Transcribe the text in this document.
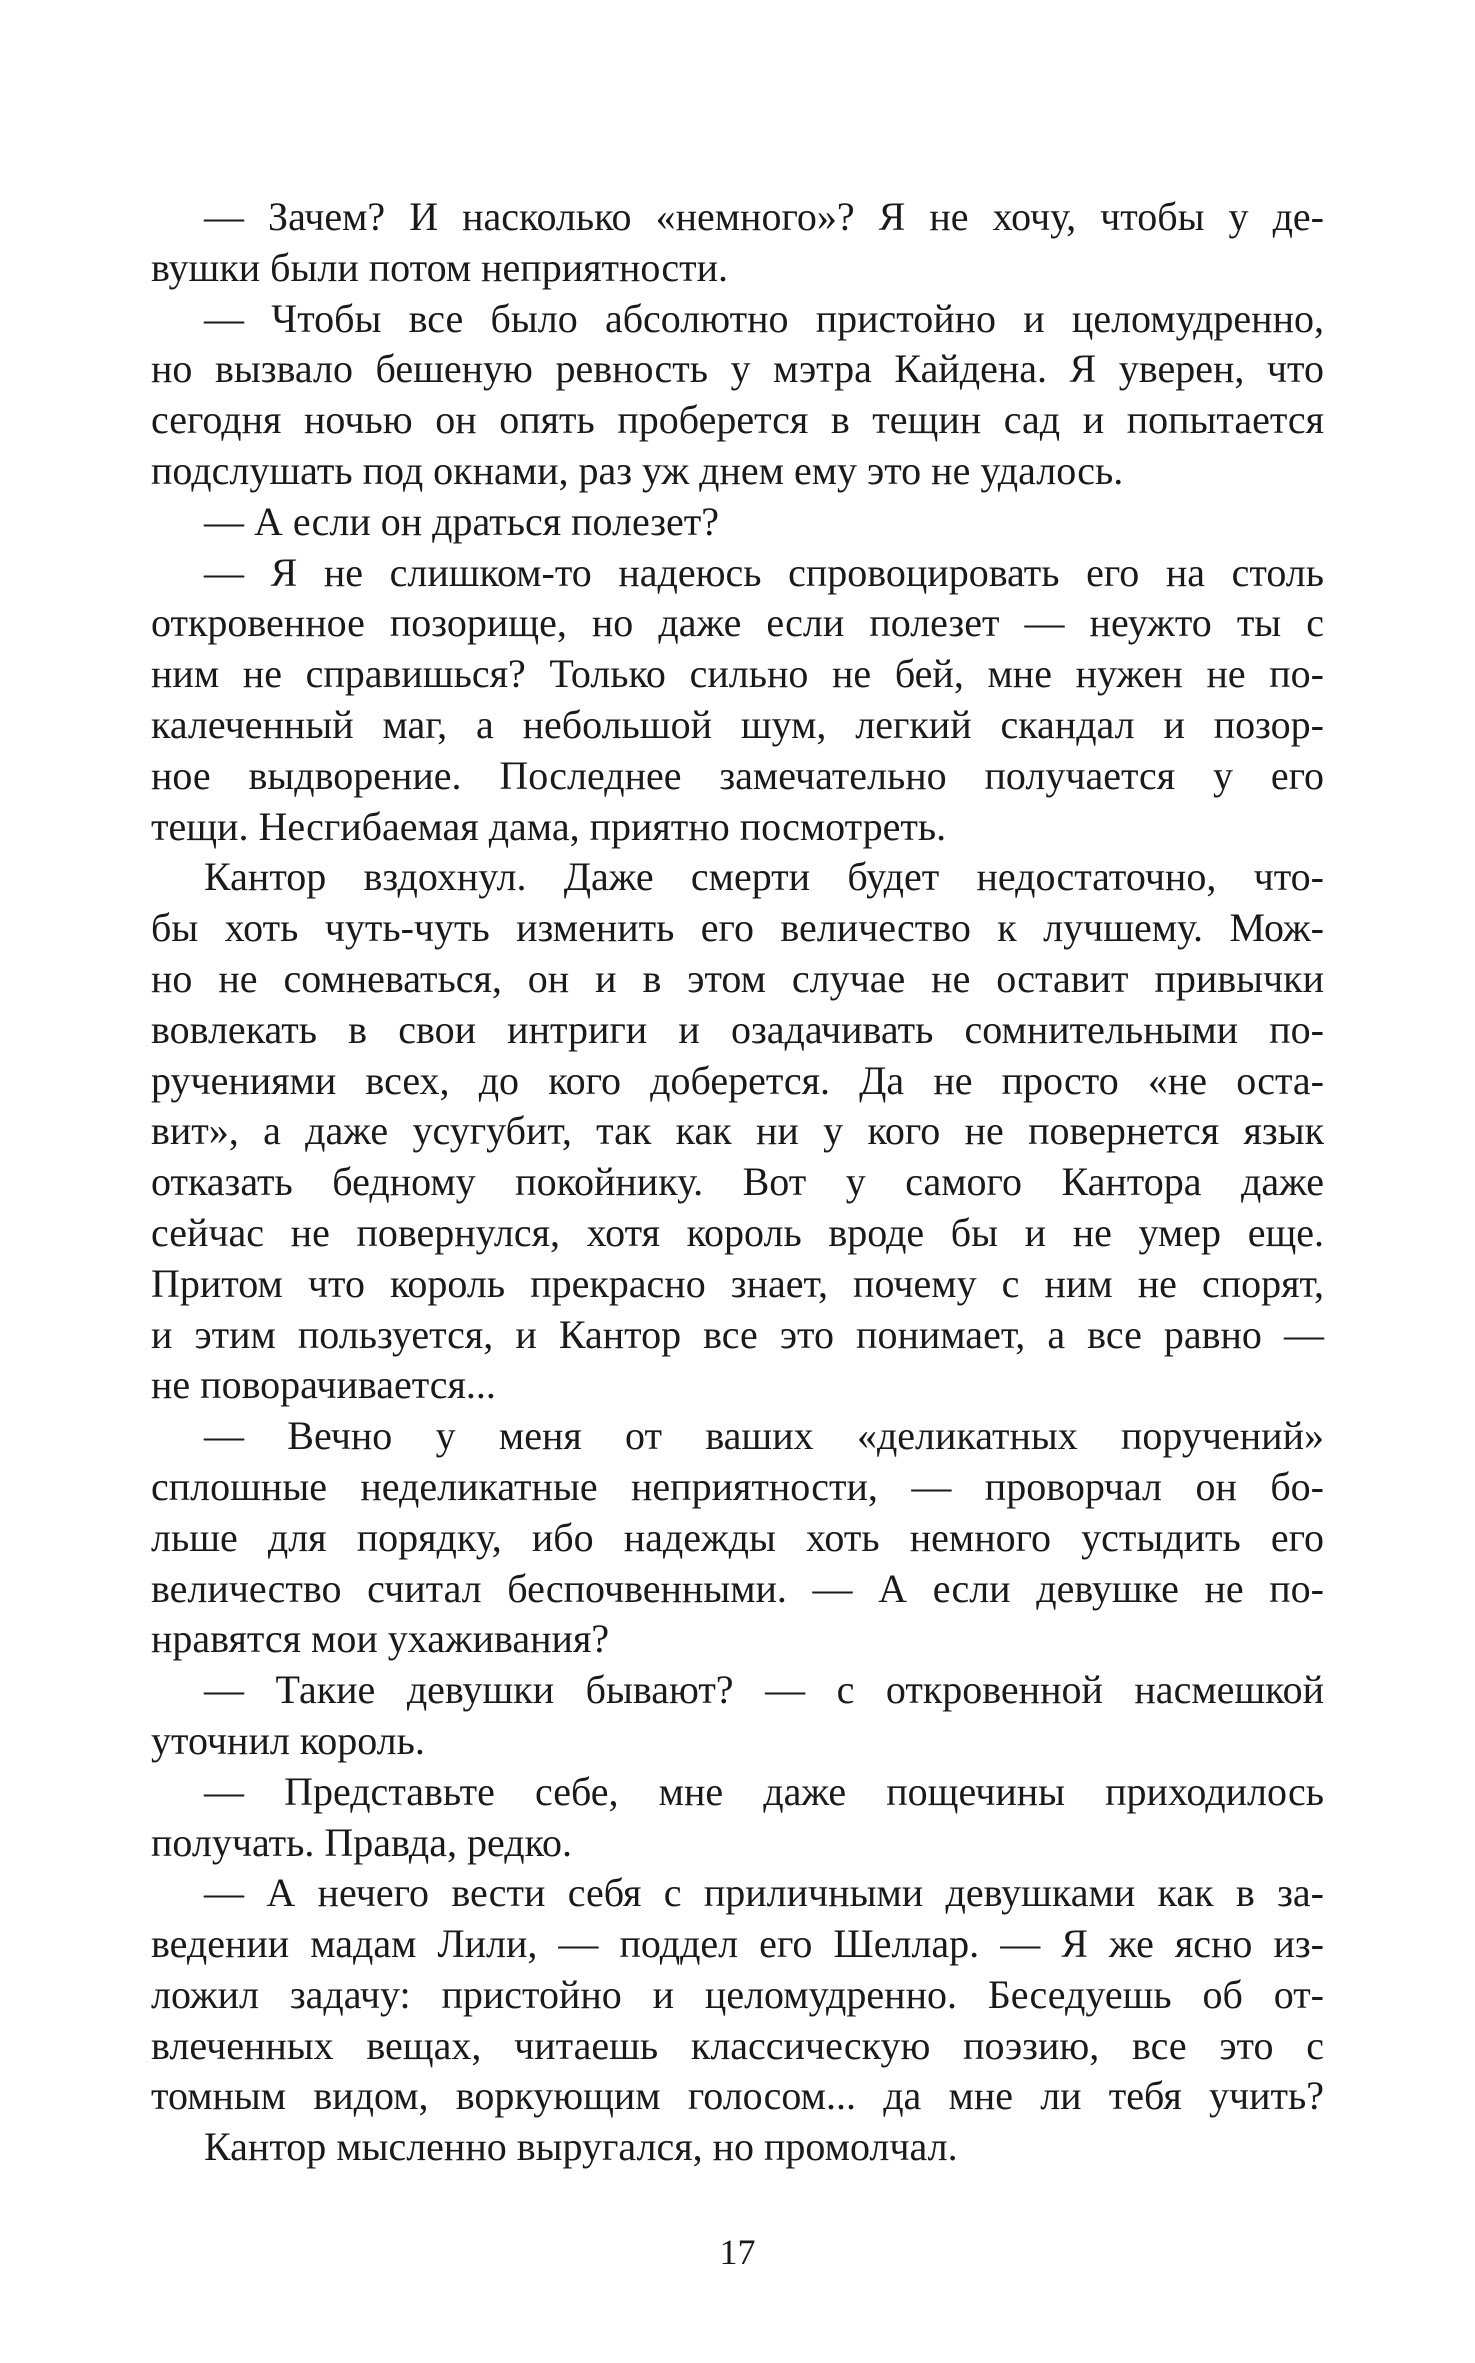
— Зачем? И насколько «немного»? Я не хочу, чтобы у де-
вушки были потом неприятности.
— Чтобы все было абсолютно пристойно и целомудренно,
но вызвало бешеную ревность у мэтра Кайдена. Я уверен, что
сегодня ночью он опять проберется в тещин сад и попытается
подслушать под окнами, раз уж днем ему это не удалось.
— А если он драться полезет?
— Я не слишком-то надеюсь спровоцировать его на столь
откровенное позорище, но даже если полезет — неужто ты с
ним не справишься? Только сильно не бей, мне нужен не по-
калеченный маг, а небольшой шум, легкий скандал и позор-
ное выдворение. Последнее замечательно получается у его
тещи. Несгибаемая дама, приятно посмотреть.
Кантор вздохнул. Даже смерти будет недостаточно, что-
бы хоть чуть-чуть изменить его величество к лучшему. Мож-
но не сомневаться, он и в этом случае не оставит привычки
вовлекать в свои интриги и озадачивать сомнительными по-
ручениями всех, до кого доберется. Да не просто «не оста-
вит», а даже усугубит, так как ни у кого не повернется язык
отказать бедному покойнику. Вот у самого Кантора даже
сейчас не повернулся, хотя король вроде бы и не умер еще.
Притом что король прекрасно знает, почему с ним не спорят,
и этим пользуется, и Кантор все это понимает, а все равно —
не поворачивается...
— Вечно у меня от ваших «деликатных поручений»
сплошные неделикатные неприятности, — проворчал он бо-
льше для порядку, ибо надежды хоть немного устыдить его
величество считал беспочвенными. — А если девушке не по-
нравятся мои ухаживания?
— Такие девушки бывают? — с откровенной насмешкой
уточнил король.
— Представьте себе, мне даже пощечины приходилось
получать. Правда, редко.
— А нечего вести себя с приличными девушками как в за-
ведении мадам Лили, — поддел его Шеллар. — Я же ясно из-
ложил задачу: пристойно и целомудренно. Беседуешь об от-
влеченных вещах, читаешь классическую поэзию, все это с
томным видом, воркующим голосом... да мне ли тебя учить?
Кантор мысленно выругался, но промолчал.
17
